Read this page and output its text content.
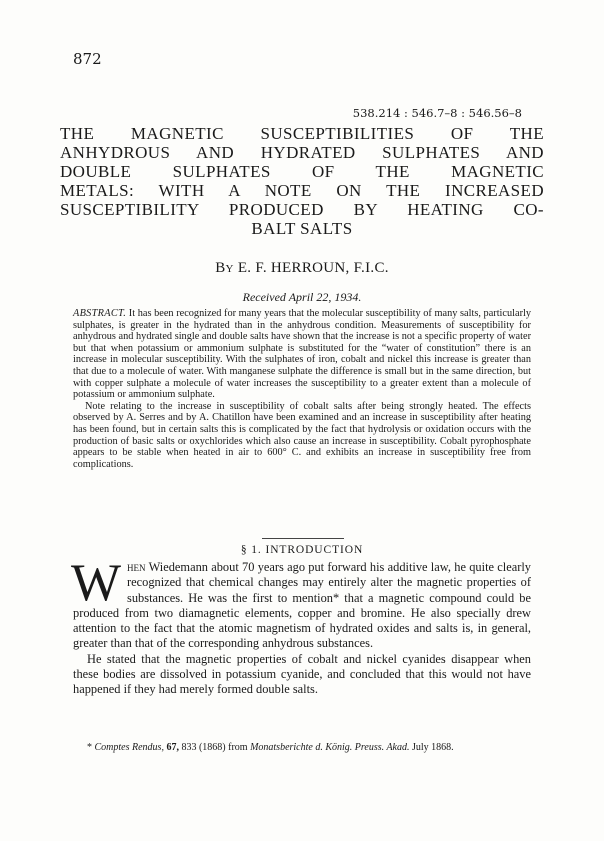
872
538.214 : 546.7–8 : 546.56–8
THE MAGNETIC SUSCEPTIBILITIES OF THE
ANHYDROUS AND HYDRATED SULPHATES AND
DOUBLE SULPHATES OF THE MAGNETIC
METALS: WITH A NOTE ON THE INCREASED
SUSCEPTIBILITY PRODUCED BY HEATING CO-
BALT SALTS
By E. F. HERROUN, F.I.C.
Received April 22, 1934.

ABSTRACT. It has been recognized for many years that the molecular susceptibility of many salts, particularly sulphates, is greater in the hydrated than in the anhydrous condition. Measurements of susceptibility for anhydrous and hydrated single and double salts have shown that the increase is not a specific property of water but that when potassium or ammonium sulphate is substituted for the “water of constitution” there is an increase in molecular susceptibility. With the sulphates of iron, cobalt and nickel this increase is greater than that due to a molecule of water. With manganese sulphate the difference is small but in the same direction, but with copper sulphate a molecule of water increases the susceptibility to a greater extent than a molecule of potassium or ammonium sulphate.

Note relating to the increase in susceptibility of cobalt salts after being strongly heated. The effects observed by A. Serres and by A. Chatillon have been examined and an increase in susceptibility after heating has been found, but in certain salts this is complicated by the fact that hydrolysis or oxidation occurs with the production of basic salts or oxychlorides which also cause an increase in susceptibility. Cobalt pyrophosphate appears to be stable when heated in air to 600° C. and exhibits an increase in susceptibility free from complications.

§ 1. INTRODUCTION

When Wiedemann about 70 years ago put forward his additive law, he quite clearly recognized that chemical changes may entirely alter the magnetic properties of substances. He was the first to mention* that a magnetic compound could be produced from two diamagnetic elements, copper and bromine. He also specially drew attention to the fact that the atomic magnetism of hydrated oxides and salts is, in general, greater than that of the corresponding anhydrous substances.

He stated that the magnetic properties of cobalt and nickel cyanides disappear when these bodies are dissolved in potassium cyanide, and concluded that this would not have happened if they had merely formed double salts.

* Comptes Rendus, 67, 833 (1868) from Monatsberichte d. König. Preuss. Akad. July 1868.
